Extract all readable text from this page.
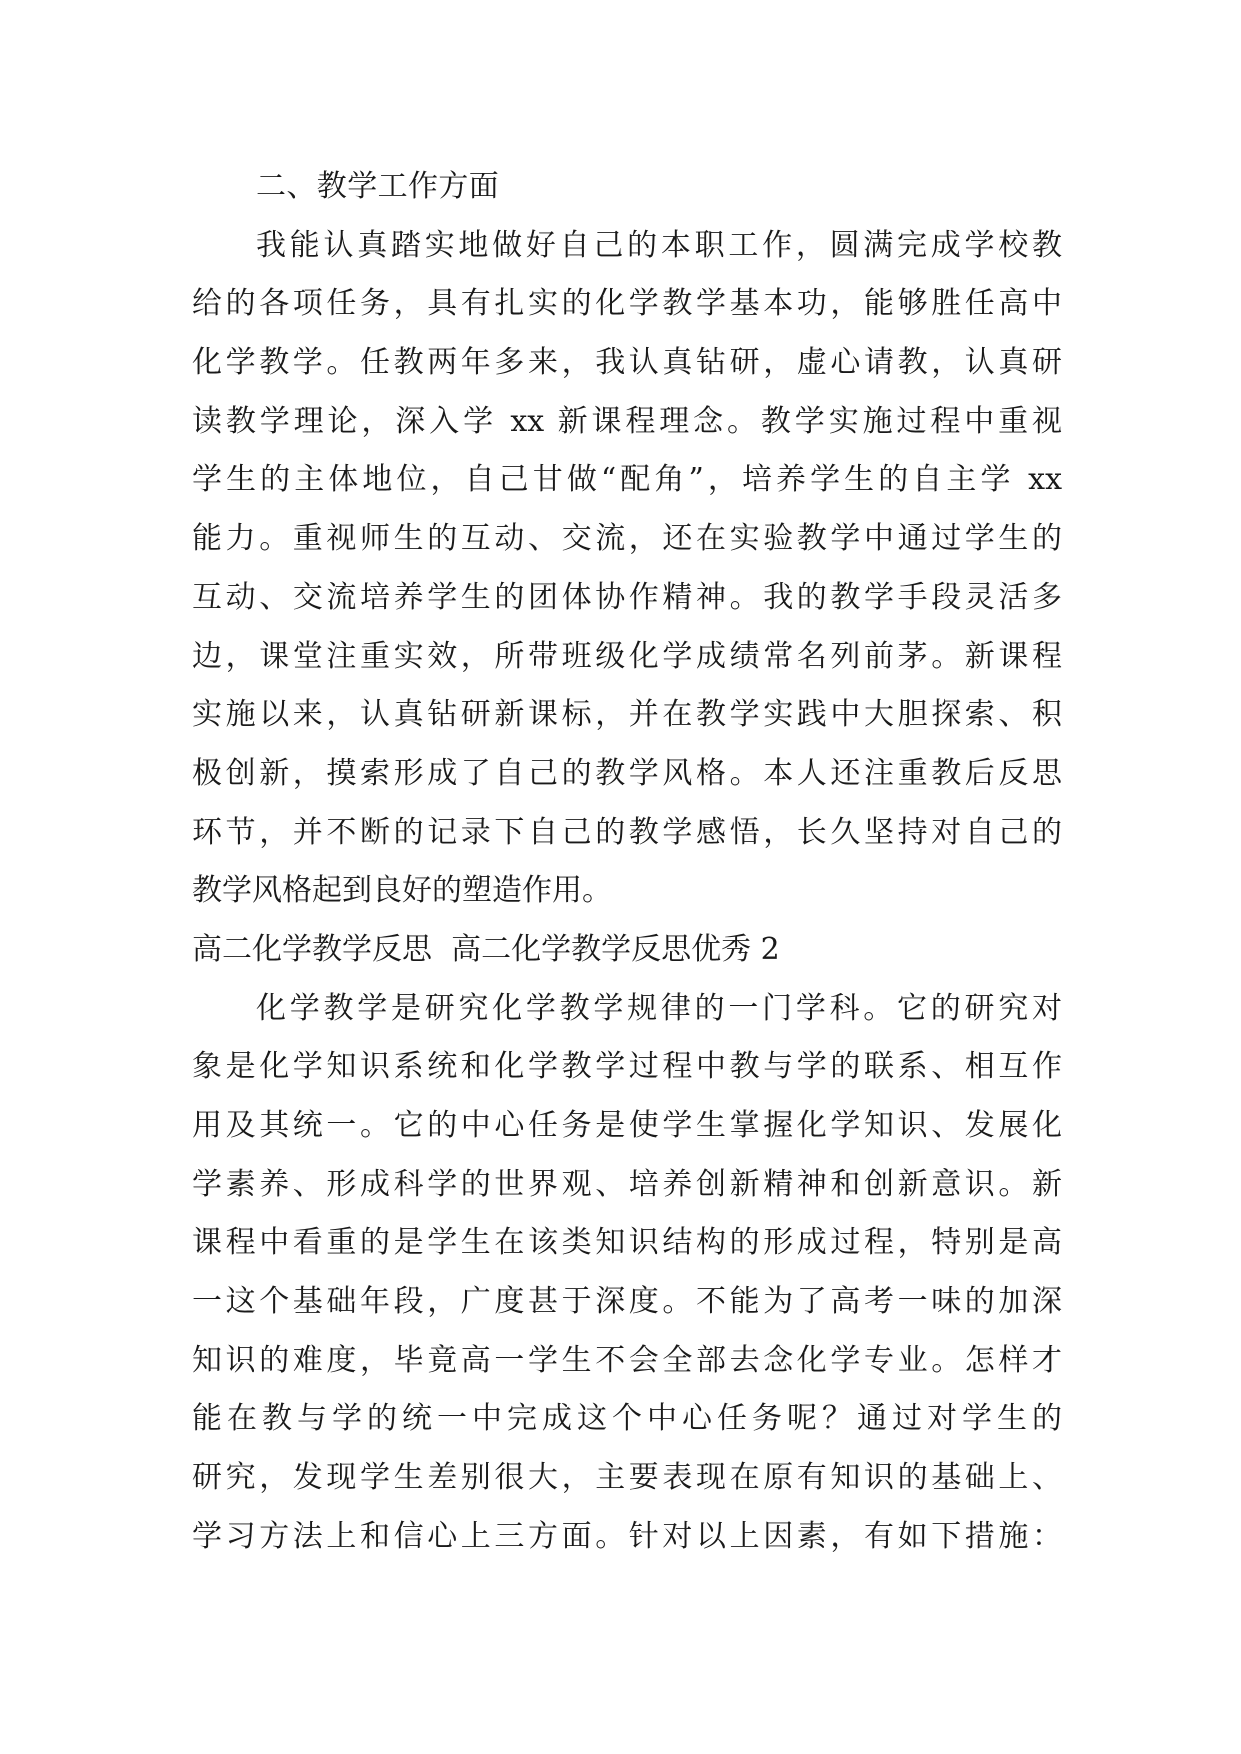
二、教学工作方面
我能认真踏实地做好自己的本职工作，圆满完成学校教
给的各项任务，具有扎实的化学教学基本功，能够胜任高中
化学教学。任教两年多来，我认真钻研，虚心请教，认真研
读教学理论，深入学 xx 新课程理念。教学实施过程中重视
学生的主体地位，自己甘做“配角”，培养学生的自主学 xx
能力。重视师生的互动、交流，还在实验教学中通过学生的
互动、交流培养学生的团体协作精神。我的教学手段灵活多
边，课堂注重实效，所带班级化学成绩常名列前茅。新课程
实施以来，认真钻研新课标，并在教学实践中大胆探索、积
极创新，摸索形成了自己的教学风格。本人还注重教后反思
环节，并不断的记录下自己的教学感悟，长久坚持对自己的
教学风格起到良好的塑造作用。
高二化学教学反思  高二化学教学反思优秀 2
化学教学是研究化学教学规律的一门学科。它的研究对
象是化学知识系统和化学教学过程中教与学的联系、相互作
用及其统一。它的中心任务是使学生掌握化学知识、发展化
学素养、形成科学的世界观、培养创新精神和创新意识。新
课程中看重的是学生在该类知识结构的形成过程，特别是高
一这个基础年段，广度甚于深度。不能为了高考一味的加深
知识的难度，毕竟高一学生不会全部去念化学专业。怎样才
能在教与学的统一中完成这个中心任务呢？通过对学生的
研究，发现学生差别很大，主要表现在原有知识的基础上、
学习方法上和信心上三方面。针对以上因素，有如下措施：
